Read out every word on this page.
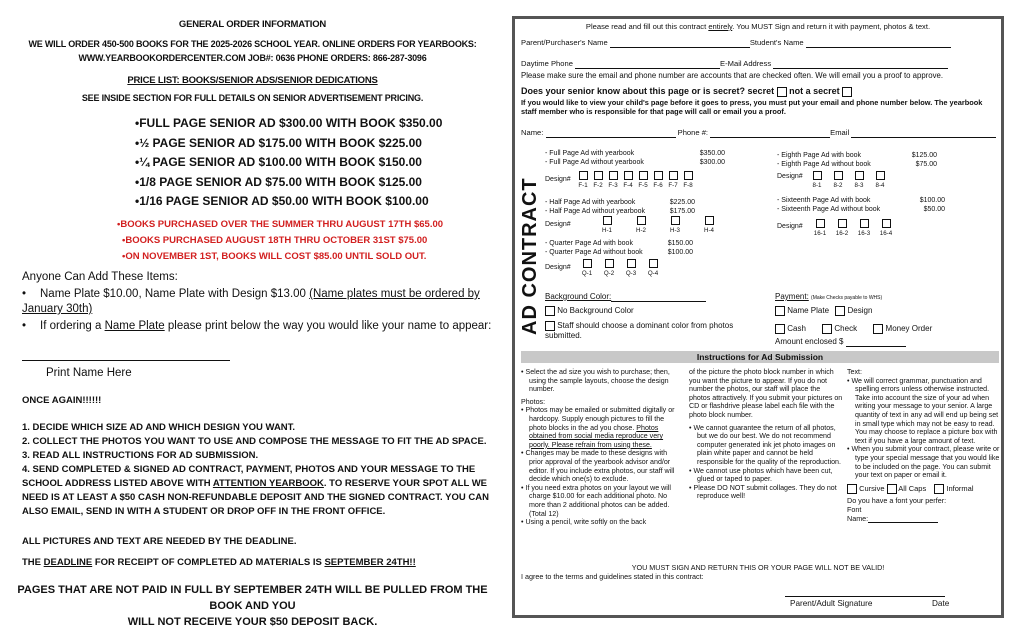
GENERAL ORDER INFORMATION
WE WILL ORDER 450-500 BOOKS FOR THE 2025-2026 SCHOOL YEAR. ONLINE ORDERS FOR YEARBOOKS:
WWW.YEARBOOKORDERCENTER.COM JOB#: 0636 PHONE ORDERS: 866-287-3096
PRICE LIST: BOOKS/SENIOR ADS/SENIOR DEDICATIONS
SEE INSIDE SECTION FOR FULL DETAILS ON SENIOR ADVERTISEMENT PRICING.
• FULL PAGE SENIOR AD $300.00 WITH BOOK $350.00
• ½ PAGE SENIOR AD $175.00 WITH BOOK $225.00
• ¼ PAGE SENIOR AD $100.00 WITH BOOK $150.00
• 1/8 PAGE SENIOR AD $75.00 WITH BOOK $125.00
• 1/16 PAGE SENIOR AD $50.00 WITH BOOK $100.00
• BOOKS PURCHASED OVER THE SUMMER THRU AUGUST 17TH $65.00
• BOOKS PURCHASED AUGUST 18TH THRU OCTOBER 31ST $75.00
• ON NOVEMBER 1ST, BOOKS WILL COST $85.00 UNTIL SOLD OUT.
Anyone Can Add These Items:
• Name Plate $10.00, Name Plate with Design $13.00 (Name plates must be ordered by January 30th)
• If ordering a Name Plate please print below the way you would like your name to appear:
Print Name Here
ONCE AGAIN!!!!!!
1. DECIDE WHICH SIZE AD AND WHICH DESIGN YOU WANT.
2. COLLECT THE PHOTOS YOU WANT TO USE AND COMPOSE THE MESSAGE TO FIT THE AD SPACE.
3. READ ALL INSTRUCTIONS FOR AD SUBMISSION.
4. SEND COMPLETED & SIGNED AD CONTRACT, PAYMENT, PHOTOS AND YOUR MESSAGE TO THE SCHOOL ADDRESS LISTED ABOVE WITH ATTENTION YEARBOOK. TO RESERVE YOUR SPOT ALL WE NEED IS AT LEAST A $50 CASH NON-REFUNDABLE DEPOSIT AND THE SIGNED CONTRACT. YOU CAN ALSO EMAIL, SEND IN WITH A STUDENT OR DROP OFF IN THE FRONT OFFICE.
ALL PICTURES AND TEXT ARE NEEDED BY THE DEADLINE.
THE DEADLINE FOR RECEIPT OF COMPLETED AD MATERIALS IS SEPTEMBER 24TH!!
PAGES THAT ARE NOT PAID IN FULL BY SEPTEMBER 24TH WILL BE PULLED FROM THE BOOK AND YOU
WILL NOT RECEIVE YOUR $50 DEPOSIT BACK.
Please read and fill out this contract entirely. You MUST Sign and return it with payment, photos & text.
Parent/Purchaser's Name	Student's Name
Daytime Phone	E-Mail Address
Please make sure the email and phone number are accounts that are checked often. We will email you a proof to approve.
Does your senior know about this page or is secret? secret not a secret
If you would like to view your child's page before it goes to press, you must put your email and phone number below. The yearbook staff member who is responsible for that page will call or email you a proof.
Name:	Phone #:	Email
AD CONTRACT
- Full Page Ad with yearbook	$350.00
- Full Page Ad without yearbook	$300.00
Design#
F-1 F-2 F-3 F-4 F-5 F-6 F-7 F-8
- Half Page Ad with yearbook	$225.00
- Half Page Ad without yearbook	$175.00
Design#
H-1	H-2	H-3	H-4
- Quarter Page Ad with book	$150.00
- Quarter Page Ad without book	$100.00
Design#
Q-1 Q-2 Q-3 Q-4
- Eighth Page Ad with book	$125.00
- Eighth Page Ad without book	$75.00
Design#
8-1 8-2 8-3 8-4
- Sixteenth Page Ad with book	$100.00
- Sixteenth Page Ad without book	$50.00
Design#
16-1 16-2 16-3 16-4
Background Color:
No Background Color
Staff should choose a dominant color from photos submitted.
Payment: (Make Checks payable to WHS)
Name Plate Design
Cash	Check	Money Order
Amount enclosed $
Instructions for Ad Submission
• Select the ad size you wish to purchase; then, using the sample layouts, choose the design number.
Photos:
• Photos may be emailed or submitted digitally or hardcopy. Supply enough pictures to fill the photo blocks in the ad you chose. Photos obtained from social media reproduce very poorly. Please refrain from using these.
• Changes may be made to these designs with prior approval of the yearbook advisor and/or editor. If you include extra photos, our staff will decide which one(s) to exclude.
• If you need extra photos on your layout we will charge $10.00 for each additional photo. No more than 2 additional photos can be added. (Total 12)
• Using a pencil, write softly on the back
of the picture the photo block number in which you want the picture to appear. If you do not number the photos, our staff will place the photos attractively. If you submit your pictures on CD or flashdrive please label each file with the photo block number.
• We cannot guarantee the return of all photos, but we do our best. We do not recommend computer generated ink jet photo images on plain white paper and cannot be held responsible for the quality of the reproduction.
• We cannot use photos which have been cut, glued or taped to paper.
• Please DO NOT submit collages. They do not reproduce well!
Text:
• We will correct grammar, punctuation and spelling errors unless otherwise instructed. Take into account the size of your ad when writing your message to your senior. A large quantity of text in any ad will end up being set in small type which may not be easy to read. You may choose to replace a picture box with text if you have a large amount of text.
• When you submit your contract, please write or type your special message that you would like to be included on the page. You can submit your text on paper or email it.
Cursive All Caps	Informal
Do you have a font your perfer:
Font
Name:
YOU MUST SIGN AND RETURN THIS OR YOUR PAGE WILL NOT BE VALID!
I agree to the terms and guidelines stated in this contract:
Parent/Adult Signature	Date
